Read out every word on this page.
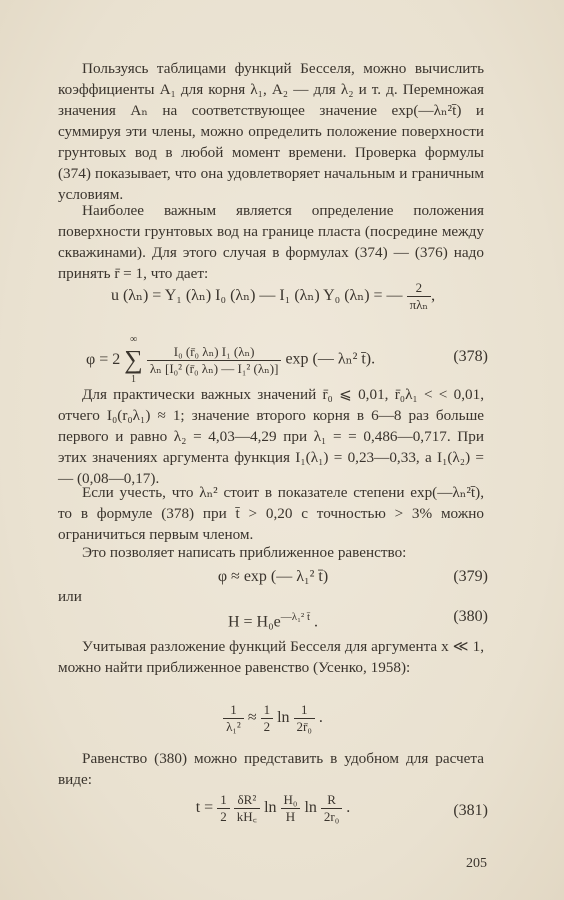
Пользуясь таблицами функций Бесселя, можно вычислить коэффициенты A₁ для корня λ₁, A₂ — для λ₂ и т. д. Перемножая значения Aₙ на соответствующее значение exp(—λₙ²t̄) и суммируя эти члены, можно определить положение поверхности грунтовых вод в любой момент времени. Проверка формулы (374) показывает, что она удовлетворяет начальным и граничным условиям.

Наиболее важным является определение положения поверхности грунтовых вод на границе пласта (посредине между скважинами). Для этого случая в формулах (374) — (376) надо принять r̄ = 1, что дает:

u (λₙ) = Y₁ (λₙ) I₀ (λₙ) — I₁ (λₙ) Y₀ (λₙ) = — $\frac{2}{\text{πλₙ}}$ ,
φ = 2
∞
∑
1

$\frac{\text{I₀ (r̄₀ λₙ) I₁ (λₙ)}}{\text{λₙ [I₀² (r̄₀ λₙ) — I₁² (λₙ)]}}$ exp (— λₙ² t̄).	(378)

Для практически важных значений r̄₀ ⩽ 0,01, r̄₀λ₁ < < 0,01, отчего I₀(r₀λ₁) ≈ 1; значение второго корня в 6—8 раз больше первого и равно λ₂ = 4,03—4,29 при λ₁ = = 0,486—0,717. При этих значениях аргумента функция I₁(λ₁) = 0,23—0,33, а I₁(λ₂) = — (0,08—0,17).

Если учесть, что λₙ² стоит в показателе степени exp(—λₙ²t̄), то в формуле (378) при t̄ > 0,20 с точностью > 3% можно ограничиться первым членом.

Это позволяет написать приближенное равенство:

φ ≈ exp (— λ₁² t̄)	(379)

или

$H = H_0e^{—\lambda_1^2 t̄}$ .	(380)

Учитывая разложение функций Бесселя для аргумента x ≪ 1, можно найти приближенное равенство (Усенко, 1958):

$\frac{1}{\text{λ₁²}} \approx \frac{1}{2}$ $\ln \frac{1}{\text{2r̄₀}}$ .

Равенство (380) можно представить в удобном для расчета виде:

$t = \frac{1}{2}$
$\frac{\text{δR²}}{kH꜀}$ $\ln \frac{\text{H₀}}{H}$ $\ln \frac{R}{\text{2r₀}}$ .	(381)
205
